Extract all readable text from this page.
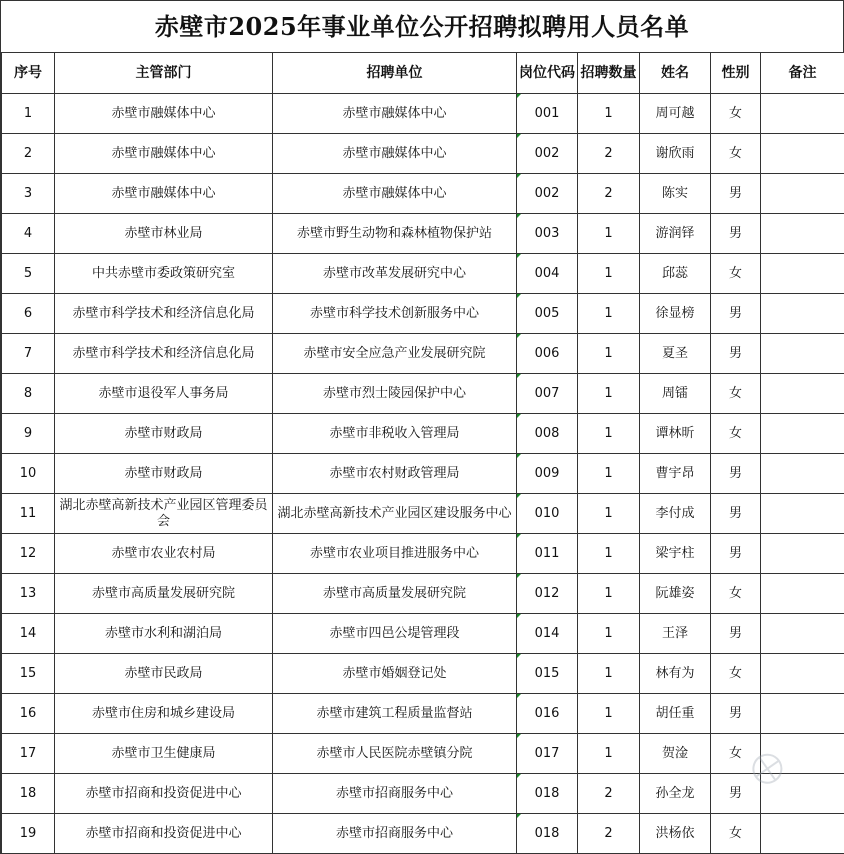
赤壁市2025年事业单位公开招聘拟聘用人员名单
序号	主管部门	招聘单位	岗位代码	招聘数量	姓名	性别	备注
1	赤壁市融媒体中心	赤壁市融媒体中心	001	1	周可越	女	
2	赤壁市融媒体中心	赤壁市融媒体中心	002	2	谢欣雨	女	
3	赤壁市融媒体中心	赤壁市融媒体中心	002	2	陈实	男	
4	赤壁市林业局	赤壁市野生动物和森林植物保护站	003	1	游润铎	男	
5	中共赤壁市委政策研究室	赤壁市改革发展研究中心	004	1	邱蕊	女	
6	赤壁市科学技术和经济信息化局	赤壁市科学技术创新服务中心	005	1	徐显榜	男	
7	赤壁市科学技术和经济信息化局	赤壁市安全应急产业发展研究院	006	1	夏圣	男	
8	赤壁市退役军人事务局	赤壁市烈士陵园保护中心	007	1	周镭	女	
9	赤壁市财政局	赤壁市非税收入管理局	008	1	谭林昕	女	
10	赤壁市财政局	赤壁市农村财政管理局	009	1	曹宇昂	男	
11	湖北赤壁高新技术产业园区管理委员会	湖北赤壁高新技术产业园区建设服务中心	010	1	李付成	男	
12	赤壁市农业农村局	赤壁市农业项目推进服务中心	011	1	梁宇柱	男	
13	赤壁市高质量发展研究院	赤壁市高质量发展研究院	012	1	阮雄姿	女	
14	赤壁市水利和湖泊局	赤壁市四邑公堤管理段	014	1	王泽	男	
15	赤壁市民政局	赤壁市婚姻登记处	015	1	林有为	女	
16	赤壁市住房和城乡建设局	赤壁市建筑工程质量监督站	016	1	胡任重	男	
17	赤壁市卫生健康局	赤壁市人民医院赤壁镇分院	017	1	贺淦	女	
18	赤壁市招商和投资促进中心	赤壁市招商服务中心	018	2	孙全龙	男	
19	赤壁市招商和投资促进中心	赤壁市招商服务中心	018	2	洪杨依	女	
